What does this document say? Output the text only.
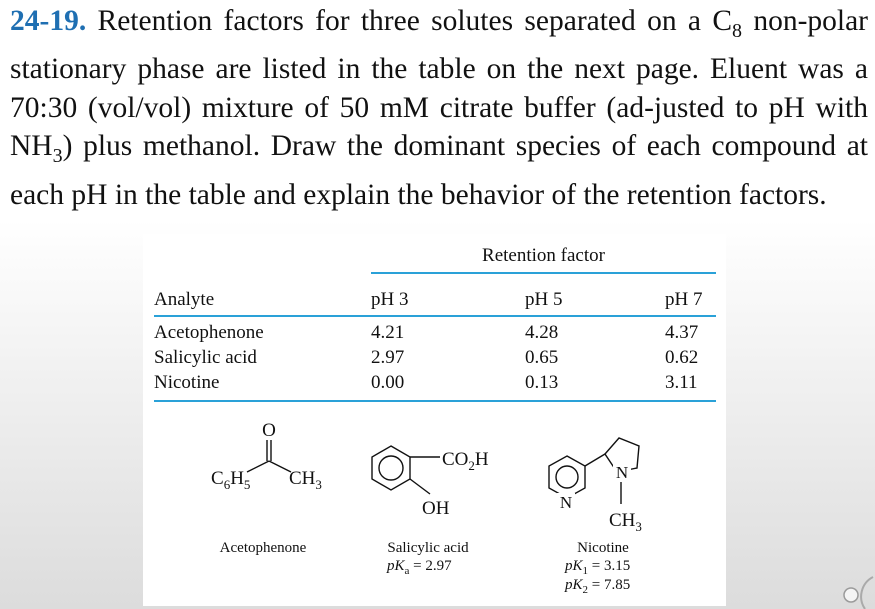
24-19. Retention factors for three solutes separated on a $C_8$ non-polar stationary phase are listed in the table on the next page. Eluent was a 70:30 (vol/vol) mixture of 50 mM citrate buffer (ad-justed to pH with $NH_3$) plus methanol. Draw the dominant species of each compound at each pH in the table and explain the behavior of the retention factors.
Retention factor
Analyte	pH 3	pH 5	pH 7
Acetophenone	4.21	4.28	4.37
Salicylic acid	2.97	0.65	0.62
Nicotine	0.00	0.13	3.11
O
$C_6H_5$ $CH_3$
Acetophenone
$CO_2H$
OH
Salicylic acid
$pK_a = 2.97$
N
N
$CH_3$
Nicotine
$pK_1 = 3.15$
$pK_2 = 7.85$
